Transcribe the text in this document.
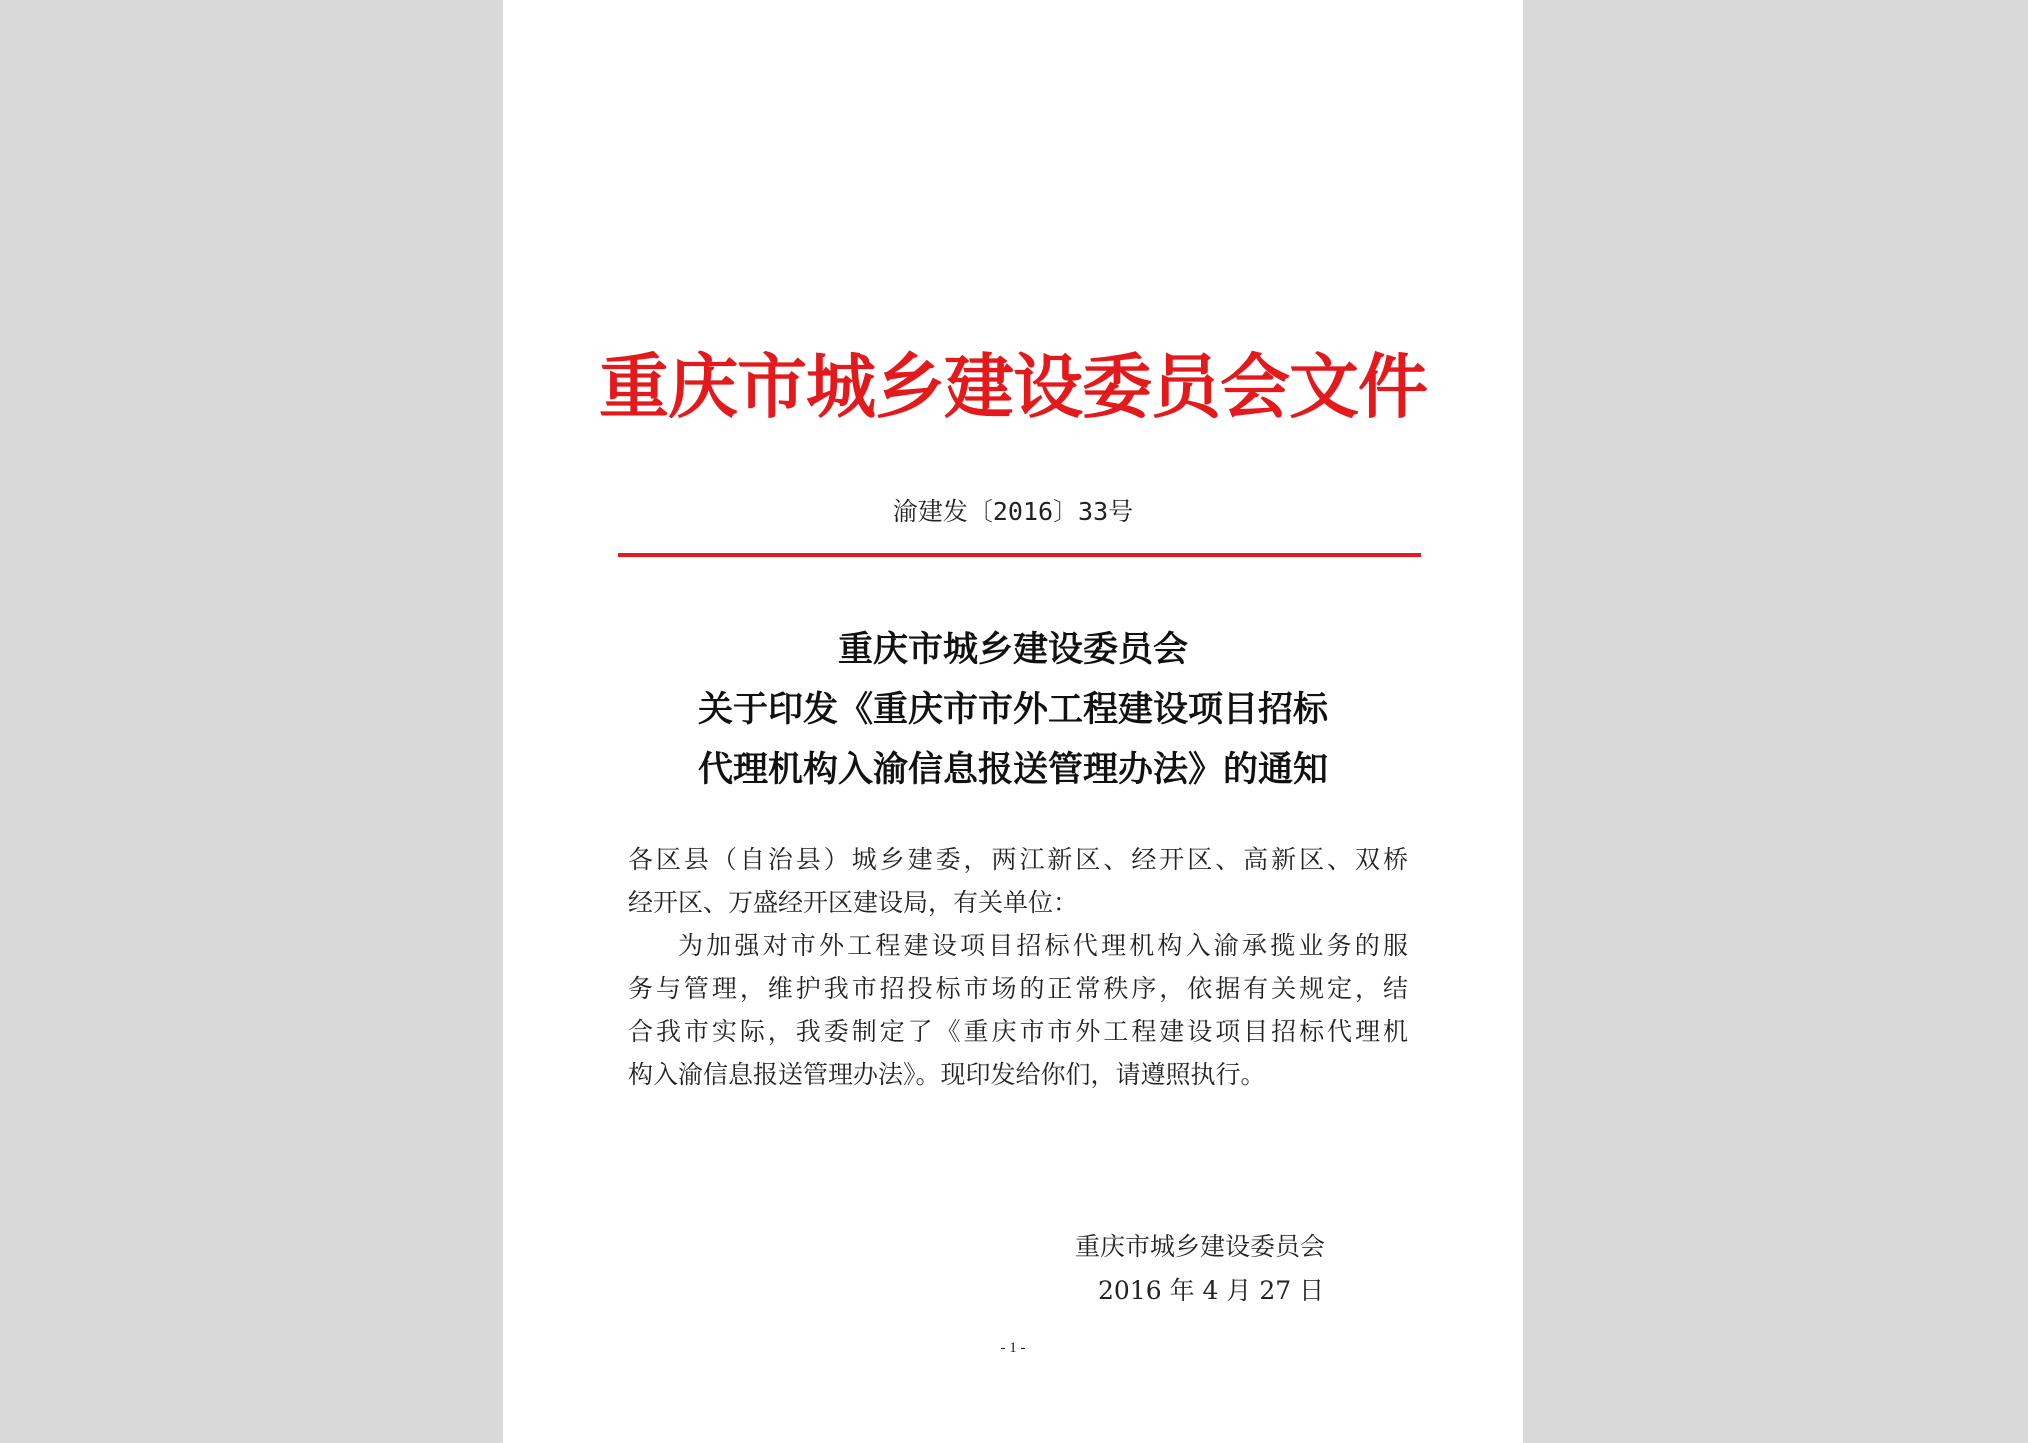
重庆市城乡建设委员会文件
渝建发〔2016〕33号
重庆市城乡建设委员会
关于印发《重庆市市外工程建设项目招标
代理机构入渝信息报送管理办法》的通知
各区县（自治县）城乡建委，两江新区、经开区、高新区、双桥
经开区、万盛经开区建设局，有关单位：
为加强对市外工程建设项目招标代理机构入渝承揽业务的服
务与管理，维护我市招投标市场的正常秩序，依据有关规定，结
合我市实际，我委制定了《重庆市市外工程建设项目招标代理机
构入渝信息报送管理办法》。现印发给你们，请遵照执行。
重庆市城乡建设委员会
2016 年 4 月 27 日
- 1 -
